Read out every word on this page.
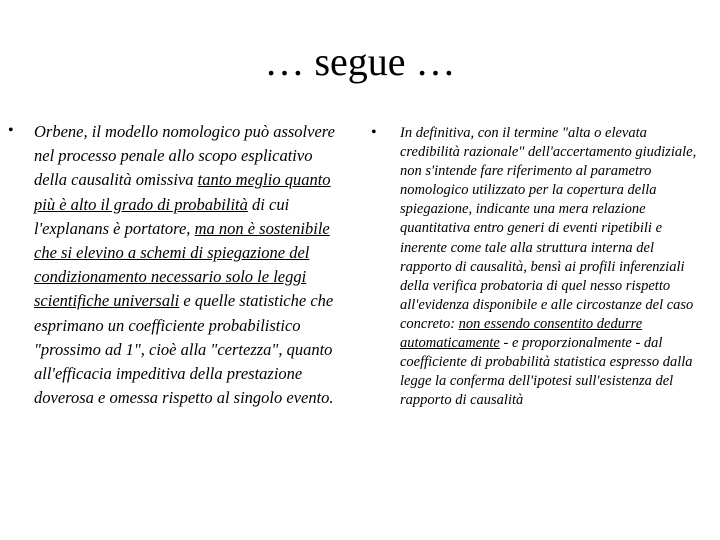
… segue …
• Orbene, il modello nomologico può assolvere nel processo penale allo scopo esplicativo della causalità omissiva tanto meglio quanto più è alto il grado di probabilità di cui l'explanans è portatore, ma non è sostenibile che si elevino a schemi di spiegazione del condizionamento necessario solo le leggi scientifiche universali e quelle statistiche che esprimano un coefficiente probabilistico "prossimo ad 1", cioè alla "certezza", quanto all'efficacia impeditiva della prestazione doverosa e omessa rispetto al singolo evento.

• In definitiva, con il termine "alta o elevata credibilità razionale" dell'accertamento giudiziale, non s'intende fare riferimento al parametro nomologico utilizzato per la copertura della spiegazione, indicante una mera relazione quantitativa entro generi di eventi ripetibili e inerente come tale alla struttura interna del rapporto di causalità, bensì ai profili inferenziali della verifica probatoria di quel nesso rispetto all'evidenza disponibile e alle circostanze del caso concreto: non essendo consentito dedurre automaticamente - e proporzionalmente - dal coefficiente di probabilità statistica espresso dalla legge la conferma dell'ipotesi sull'esistenza del rapporto di causalità
